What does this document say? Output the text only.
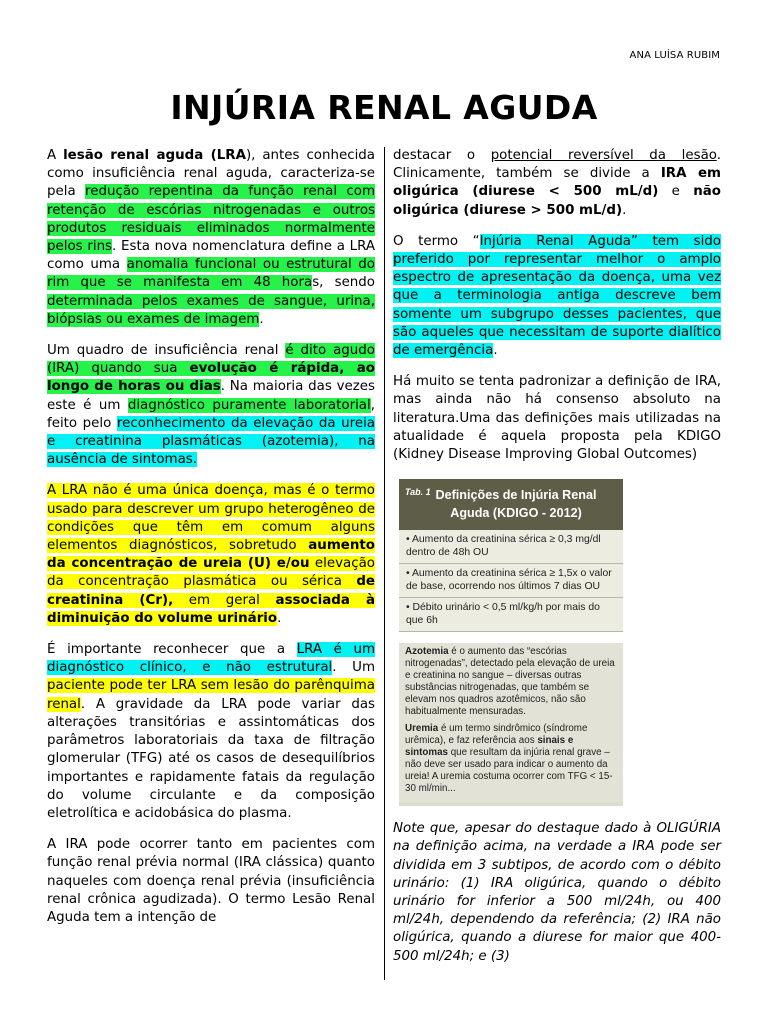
ANA LUÍSA RUBIM
INJÚRIA RENAL AGUDA

A lesão renal aguda (LRA), antes conhecida como insuficiência renal aguda, caracteriza-se pela redução repentina da função renal com retenção de escórias nitrogenadas e outros produtos residuais eliminados normalmente pelos rins. Esta nova nomenclatura define a LRA como uma anomalia funcional ou estrutural do rim que se manifesta em 48 horas, sendo determinada pelos exames de sangue, urina, biópsias ou exames de imagem.

Um quadro de insuficiência renal é dito agudo (IRA) quando sua evolução é rápida, ao longo de horas ou dias. Na maioria das vezes este é um diagnóstico puramente laboratorial, feito pelo reconhecimento da elevação da ureia e creatinina plasmáticas (azotemia), na ausência de sintomas.

A LRA não é uma única doença, mas é o termo usado para descrever um grupo heterogêneo de condições que têm em comum alguns elementos diagnósticos, sobretudo aumento da concentração de ureia (U) e/ou elevação da concentração plasmática ou sérica de creatinina (Cr), em geral associada à diminuição do volume urinário.

É importante reconhecer que a LRA é um diagnóstico clínico, e não estrutural. Um paciente pode ter LRA sem lesão do parênquima renal. A gravidade da LRA pode variar das alterações transitórias e assintomáticas dos parâmetros laboratoriais da taxa de filtração glomerular (TFG) até os casos de desequilíbrios importantes e rapidamente fatais da regulação do volume circulante e da composição eletrolítica e acidobásica do plasma.

A IRA pode ocorrer tanto em pacientes com função renal prévia normal (IRA clássica) quanto naqueles com doença renal prévia (insuficiência renal crônica agudizada). O termo Lesão Renal Aguda tem a intenção de

destacar o potencial reversível da lesão. Clinicamente, também se divide a IRA em oligúrica (diurese < 500 mL/d) e não oligúrica (diurese > 500 mL/d).

O termo “Injúria Renal Aguda” tem sido preferido por representar melhor o amplo espectro de apresentação da doença, uma vez que a terminologia antiga descreve bem somente um subgrupo desses pacientes, que são aqueles que necessitam de suporte dialítico de emergência.

Há muito se tenta padronizar a definição de IRA, mas ainda não há consenso absoluto na literatura.Uma das definições mais utilizadas na atualidade é aquela proposta pela KDIGO (Kidney Disease Improving Global Outcomes)

Tab. 1 Definições de Injúria Renal Aguda (KDIGO - 2012)
• Aumento da creatinina sérica ≥ 0,3 mg/dl dentro de 48h OU
• Aumento da creatinina sérica ≥ 1,5x o valor de base, ocorrendo nos últimos 7 dias OU
• Débito urinário < 0,5 ml/kg/h por mais do que 6h

Azotemia é o aumento das “escórias nitrogenadas”, detectado pela elevação de ureia e creatinina no sangue – diversas outras substâncias nitrogenadas, que também se elevam nos quadros azotêmicos, não são habitualmente mensuradas.

Uremia é um termo sindrômico (síndrome urêmica), e faz referência aos sinais e sintomas que resultam da injúria renal grave – não deve ser usado para indicar o aumento da ureia! A uremia costuma ocorrer com TFG < 15-30 ml/min...

Note que, apesar do destaque dado à OLIGÚRIA na definição acima, na verdade a IRA pode ser dividida em 3 subtipos, de acordo com o débito urinário: (1) IRA oligúrica, quando o débito urinário for inferior a 500 ml/24h, ou 400 ml/24h, dependendo da referência; (2) IRA não oligúrica, quando a diurese for maior que 400-500 ml/24h; e (3)
